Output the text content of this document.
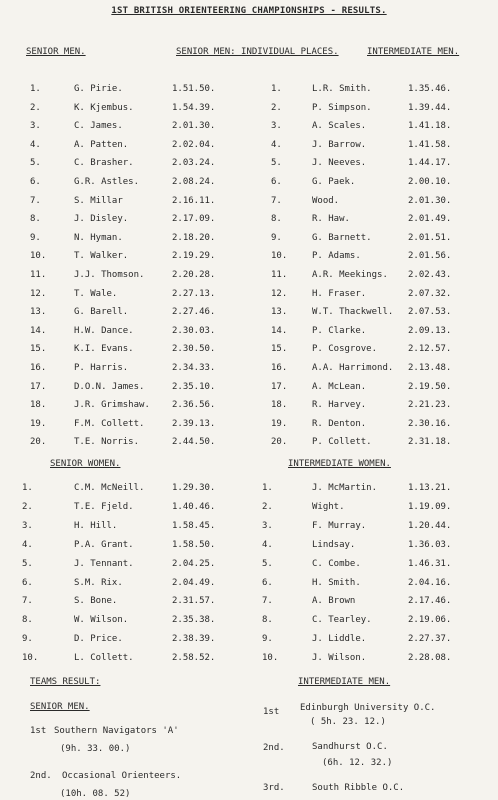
1ST BRITISH ORIENTEERING CHAMPIONSHIPS - RESULTS.
SENIOR MEN.	SENIOR MEN: INDIVIDUAL PLACES.	INTERMEDIATE MEN.
1.	G. Pirie.	1.51.50.
2.	K. Kjembus.	1.54.39.
3.	C. James.	2.01.30.
4.	A. Patten.	2.02.04.
5.	C. Brasher.	2.03.24.
6.	G.R. Astles.	2.08.24.
7.	S. Millar	2.16.11.
8.	J. Disley.	2.17.09.
9.	N. Hyman.	2.18.20.
10.	T. Walker.	2.19.29.
11.	J.J. Thomson.	2.20.28.
12.	T. Wale.	2.27.13.
13.	G. Barell.	2.27.46.
14.	H.W. Dance.	2.30.03.
15.	K.I. Evans.	2.30.50.
16.	P. Harris.	2.34.33.
17.	D.O.N. James.	2.35.10.
18.	J.R. Grimshaw. 2.36.56.
19.	F.M. Collett.	2.39.13.
20.	T.E. Norris.	2.44.50.
1.	L.R. Smith.	1.35.46.
2.	P. Simpson.	1.39.44.
3.	A. Scales.	1.41.18.
4.	J. Barrow.	1.41.58.
5.	J. Neeves.	1.44.17.
6.	G. Paek.	2.00.10.
7.	Wood.	2.01.30.
8.	R. Haw.	2.01.49.
9.	G. Barnett.	2.01.51.
10.	P. Adams.	2.01.56.
11.	A.R. Meekings. 2.02.43.
12.	H. Fraser.	2.07.32.
13.	W.T. Thackwell. 2.07.53.
14.	P. Clarke.	2.09.13.
15.	P. Cosgrove.	2.12.57.
16.	A.A. Harrimond. 2.13.48.
17.	A. McLean.	2.19.50.
18.	R. Harvey.	2.21.23.
19.	R. Denton.	2.30.16.
20.	P. Collett.	2.31.18.
SENIOR WOMEN.	INTERMEDIATE WOMEN.
1.	C.M. McNeill.	1.29.30.
2.	T.E. Fjeld.	1.40.46.
3.	H. Hill.	1.58.45.
4.	P.A. Grant.	1.58.50.
5.	J. Tennant.	2.04.25.
6.	S.M. Rix.	2.04.49.
7.	S. Bone.	2.31.57.
8.	W. Wilson.	2.35.38.
9.	D. Price.	2.38.39.
10.	L. Collett.	2.58.52.
1.	J. McMartin.	1.13.21.
2.	Wight.	1.19.09.
3.	F. Murray.	1.20.44.
4.	Lindsay.	1.36.03.
5.	C. Combe.	1.46.31.
6.	H. Smith.	2.04.16.
7.	A. Brown	2.17.46.
8.	C. Tearley.	2.19.06.
9.	J. Liddle.	2.27.37.
10.	J. Wilson.	2.28.08.
TEAMS RESULT:	INTERMEDIATE MEN.
SENIOR MEN.
1st Southern Navigators 'A'
(9h. 33. 00.)
2nd. Occasional Orienteers.
(10h. 08. 52)
1st Edinburgh University O.C.
( 5h. 23. 12.)
2nd.	Sandhurst O.C.
(6h. 12. 32.)
3rd.	South Ribble O.C.
